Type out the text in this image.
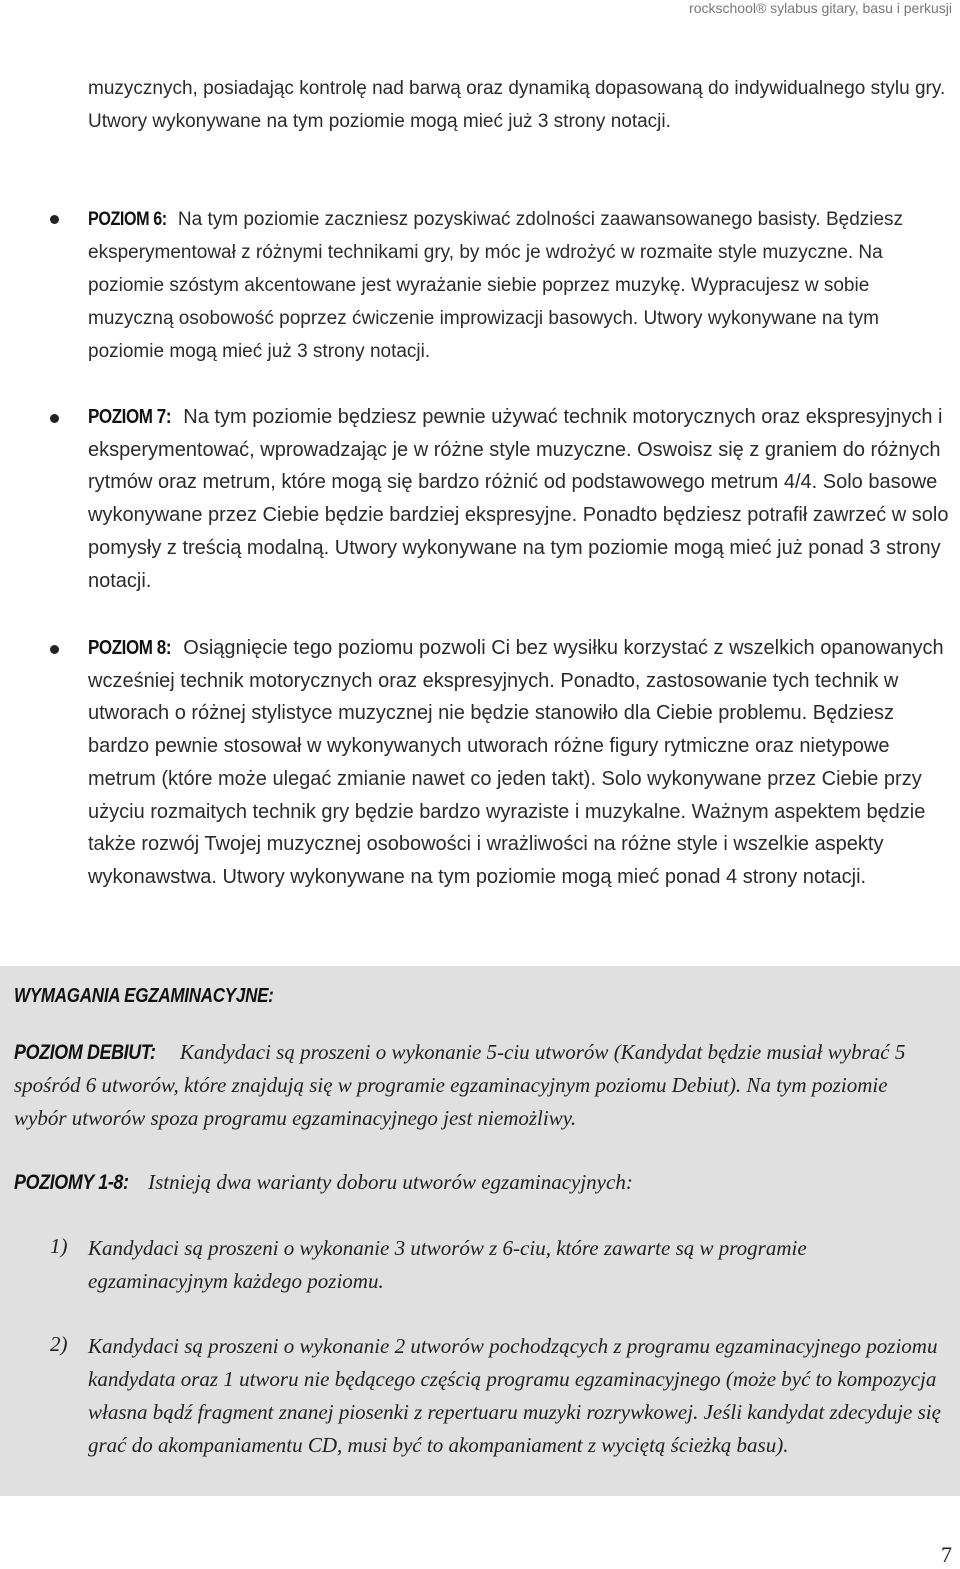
rockschool® sylabus gitary, basu i perkusji
muzycznych, posiadając kontrolę nad barwą oraz dynamiką dopasowaną do indywidualnego stylu gry. Utwory wykonywane na tym poziomie mogą mieć już 3 strony notacji.
POZIOM 6: Na tym poziomie zaczniesz pozyskiwać zdolności zaawansowanego basisty. Będziesz eksperymentował z różnymi technikami gry, by móc je wdrożyć w rozmaite style muzyczne. Na poziomie szóstym akcentowane jest wyrażanie siebie poprzez muzykę. Wypracujesz w sobie muzyczną osobowość poprzez ćwiczenie improwizacji basowych. Utwory wykonywane na tym poziomie mogą mieć już 3 strony notacji.
POZIOM 7: Na tym poziomie będziesz pewnie używać technik motorycznych oraz ekspresyjnych i eksperymentować, wprowadzając je w różne style muzyczne. Oswoisz się z graniem do różnych rytmów oraz metrum, które mogą się bardzo różnić od podstawowego metrum 4/4. Solo basowe wykonywane przez Ciebie będzie bardziej ekspresyjne. Ponadto będziesz potrafił zawrzeć w solo pomysły z treścią modalną. Utwory wykonywane na tym poziomie mogą mieć już ponad 3 strony notacji.
POZIOM 8: Osiągnięcie tego poziomu pozwoli Ci bez wysiłku korzystać z wszelkich opanowanych wcześniej technik motorycznych oraz ekspresyjnych. Ponadto, zastosowanie tych technik w utworach o różnej stylistyce muzycznej nie będzie stanowiło dla Ciebie problemu. Będziesz bardzo pewnie stosował w wykonywanych utworach różne figury rytmiczne oraz nietypowe metrum (które może ulegać zmianie nawet co jeden takt). Solo wykonywane przez Ciebie przy użyciu rozmaitych technik gry będzie bardzo wyraziste i muzykalne. Ważnym aspektem będzie także rozwój Twojej muzycznej osobowości i wrażliwości na różne style i wszelkie aspekty wykonawstwa. Utwory wykonywane na tym poziomie mogą mieć ponad 4 strony notacji.
WYMAGANIA EGZAMINACYJNE:
POZIOM DEBIUT: Kandydaci są proszeni o wykonanie 5-ciu utworów (Kandydat będzie musiał wybrać 5 spośród 6 utworów, które znajdują się w programie egzaminacyjnym poziomu Debiut). Na tym poziomie wybór utworów spoza programu egzaminacyjnego jest niemożliwy.
POZIOMY 1-8: Istnieją dwa warianty doboru utworów egzaminacyjnych:
1) Kandydaci są proszeni o wykonanie 3 utworów z 6-ciu, które zawarte są w programie egzaminacyjnym każdego poziomu.
2) Kandydaci są proszeni o wykonanie 2 utworów pochodzących z programu egzaminacyjnego poziomu kandydata oraz 1 utworu nie będącego częścią programu egzaminacyjnego (może być to kompozycja własna bądź fragment znanej piosenki z repertuaru muzyki rozrywkowej. Jeśli kandydat zdecyduje się grać do akompaniamentu CD, musi być to akompaniament z wyciętą ścieżką basu).
7
